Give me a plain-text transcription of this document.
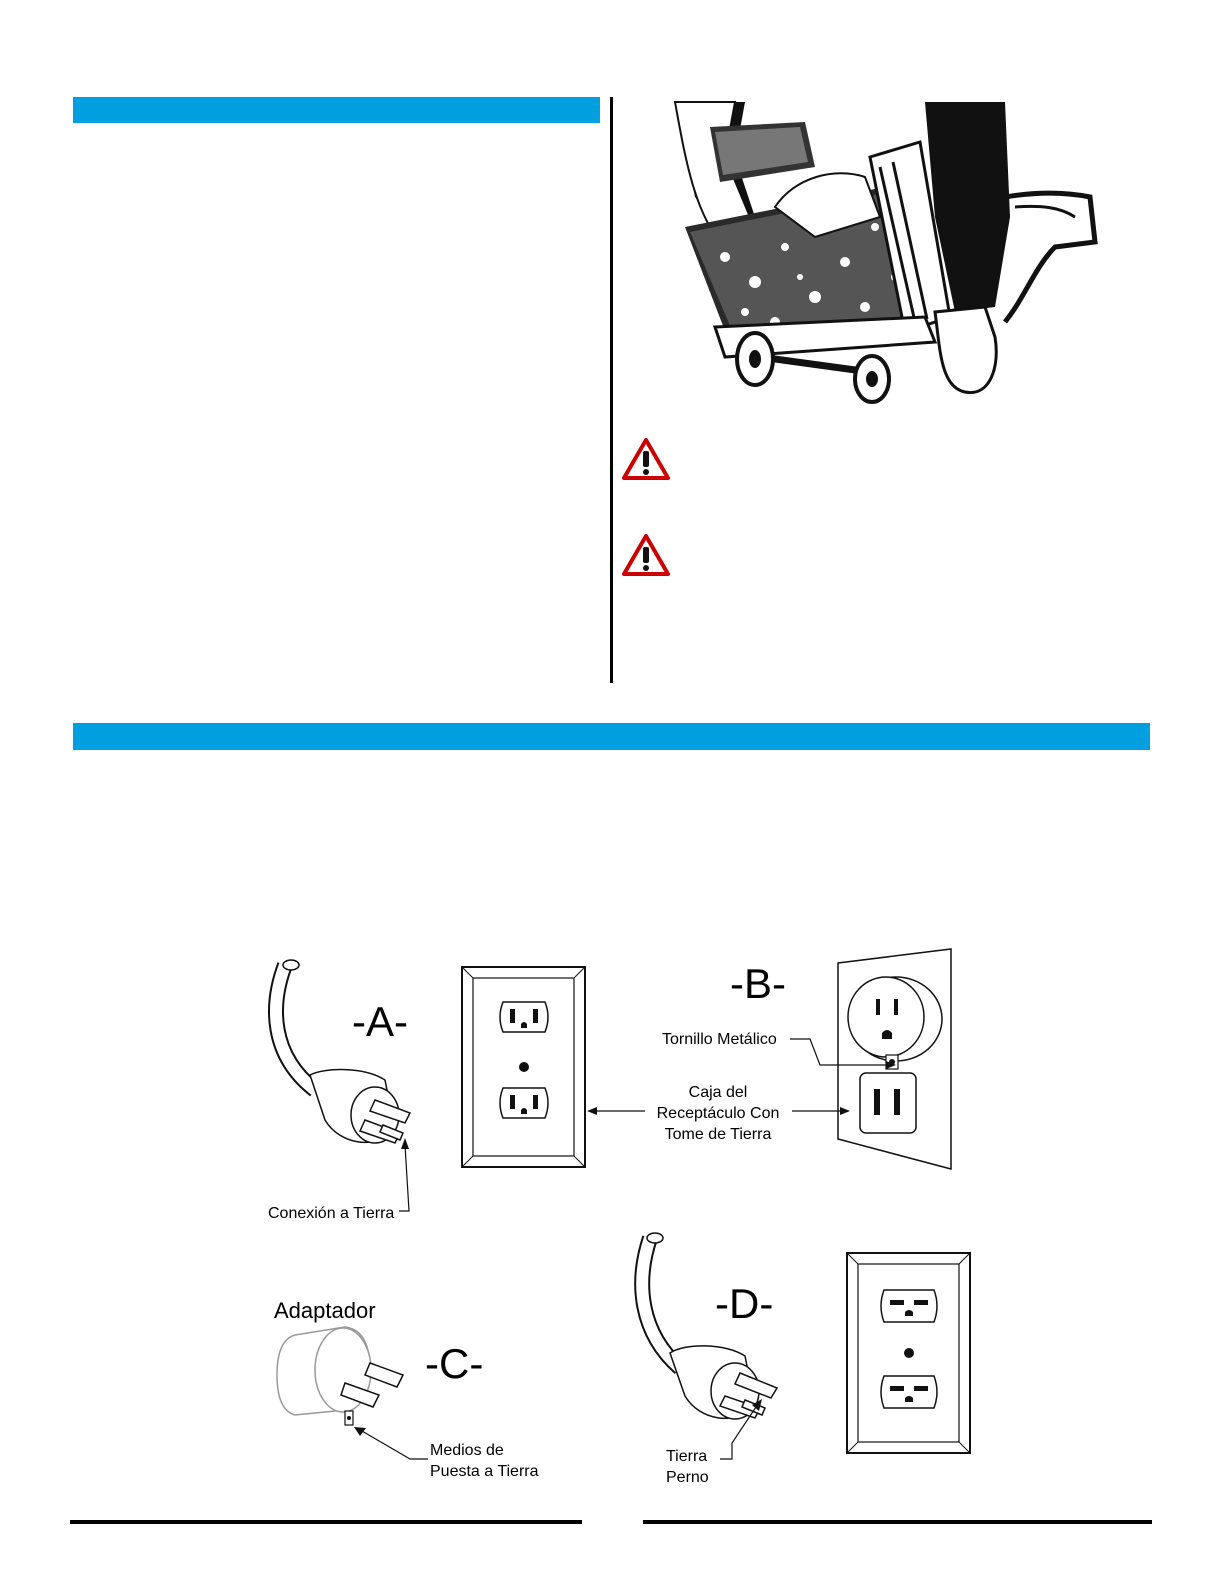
-A-
Conexión a Tierra
-B-
Tornillo Metálico
Caja del
Receptáculo Con
Tome de Tierra
Adaptador
-C-
Medios de
Puesta a Tierra
-D-
Tierra
Perno
